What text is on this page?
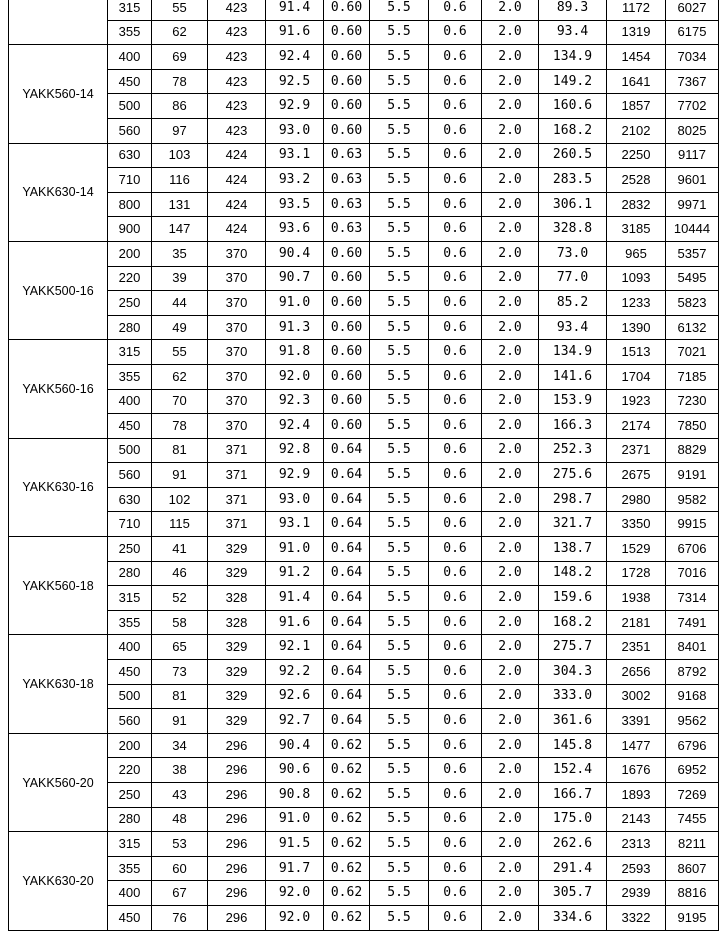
	315	55	423	91.4	0.60	5.5	0.6	2.0	89.3	1172	6027
	355	62	423	91.6	0.60	5.5	0.6	2.0	93.4	1319	6175
YAKK560-14	400	69	423	92.4	0.60	5.5	0.6	2.0	134.9	1454	7034
	450	78	423	92.5	0.60	5.5	0.6	2.0	149.2	1641	7367
	500	86	423	92.9	0.60	5.5	0.6	2.0	160.6	1857	7702
	560	97	423	93.0	0.60	5.5	0.6	2.0	168.2	2102	8025
YAKK630-14	630	103	424	93.1	0.63	5.5	0.6	2.0	260.5	2250	9117
	710	116	424	93.2	0.63	5.5	0.6	2.0	283.5	2528	9601
	800	131	424	93.5	0.63	5.5	0.6	2.0	306.1	2832	9971
	900	147	424	93.6	0.63	5.5	0.6	2.0	328.8	3185	10444
YAKK500-16	200	35	370	90.4	0.60	5.5	0.6	2.0	73.0	965	5357
	220	39	370	90.7	0.60	5.5	0.6	2.0	77.0	1093	5495
	250	44	370	91.0	0.60	5.5	0.6	2.0	85.2	1233	5823
	280	49	370	91.3	0.60	5.5	0.6	2.0	93.4	1390	6132
YAKK560-16	315	55	370	91.8	0.60	5.5	0.6	2.0	134.9	1513	7021
	355	62	370	92.0	0.60	5.5	0.6	2.0	141.6	1704	7185
	400	70	370	92.3	0.60	5.5	0.6	2.0	153.9	1923	7230
	450	78	370	92.4	0.60	5.5	0.6	2.0	166.3	2174	7850
YAKK630-16	500	81	371	92.8	0.64	5.5	0.6	2.0	252.3	2371	8829
	560	91	371	92.9	0.64	5.5	0.6	2.0	275.6	2675	9191
	630	102	371	93.0	0.64	5.5	0.6	2.0	298.7	2980	9582
	710	115	371	93.1	0.64	5.5	0.6	2.0	321.7	3350	9915
YAKK560-18	250	41	329	91.0	0.64	5.5	0.6	2.0	138.7	1529	6706
	280	46	329	91.2	0.64	5.5	0.6	2.0	148.2	1728	7016
	315	52	328	91.4	0.64	5.5	0.6	2.0	159.6	1938	7314
	355	58	328	91.6	0.64	5.5	0.6	2.0	168.2	2181	7491
YAKK630-18	400	65	329	92.1	0.64	5.5	0.6	2.0	275.7	2351	8401
	450	73	329	92.2	0.64	5.5	0.6	2.0	304.3	2656	8792
	500	81	329	92.6	0.64	5.5	0.6	2.0	333.0	3002	9168
	560	91	329	92.7	0.64	5.5	0.6	2.0	361.6	3391	9562
YAKK560-20	200	34	296	90.4	0.62	5.5	0.6	2.0	145.8	1477	6796
	220	38	296	90.6	0.62	5.5	0.6	2.0	152.4	1676	6952
	250	43	296	90.8	0.62	5.5	0.6	2.0	166.7	1893	7269
	280	48	296	91.0	0.62	5.5	0.6	2.0	175.0	2143	7455
YAKK630-20	315	53	296	91.5	0.62	5.5	0.6	2.0	262.6	2313	8211
	355	60	296	91.7	0.62	5.5	0.6	2.0	291.4	2593	8607
	400	67	296	92.0	0.62	5.5	0.6	2.0	305.7	2939	8816
	450	76	296	92.0	0.62	5.5	0.6	2.0	334.6	3322	9195
